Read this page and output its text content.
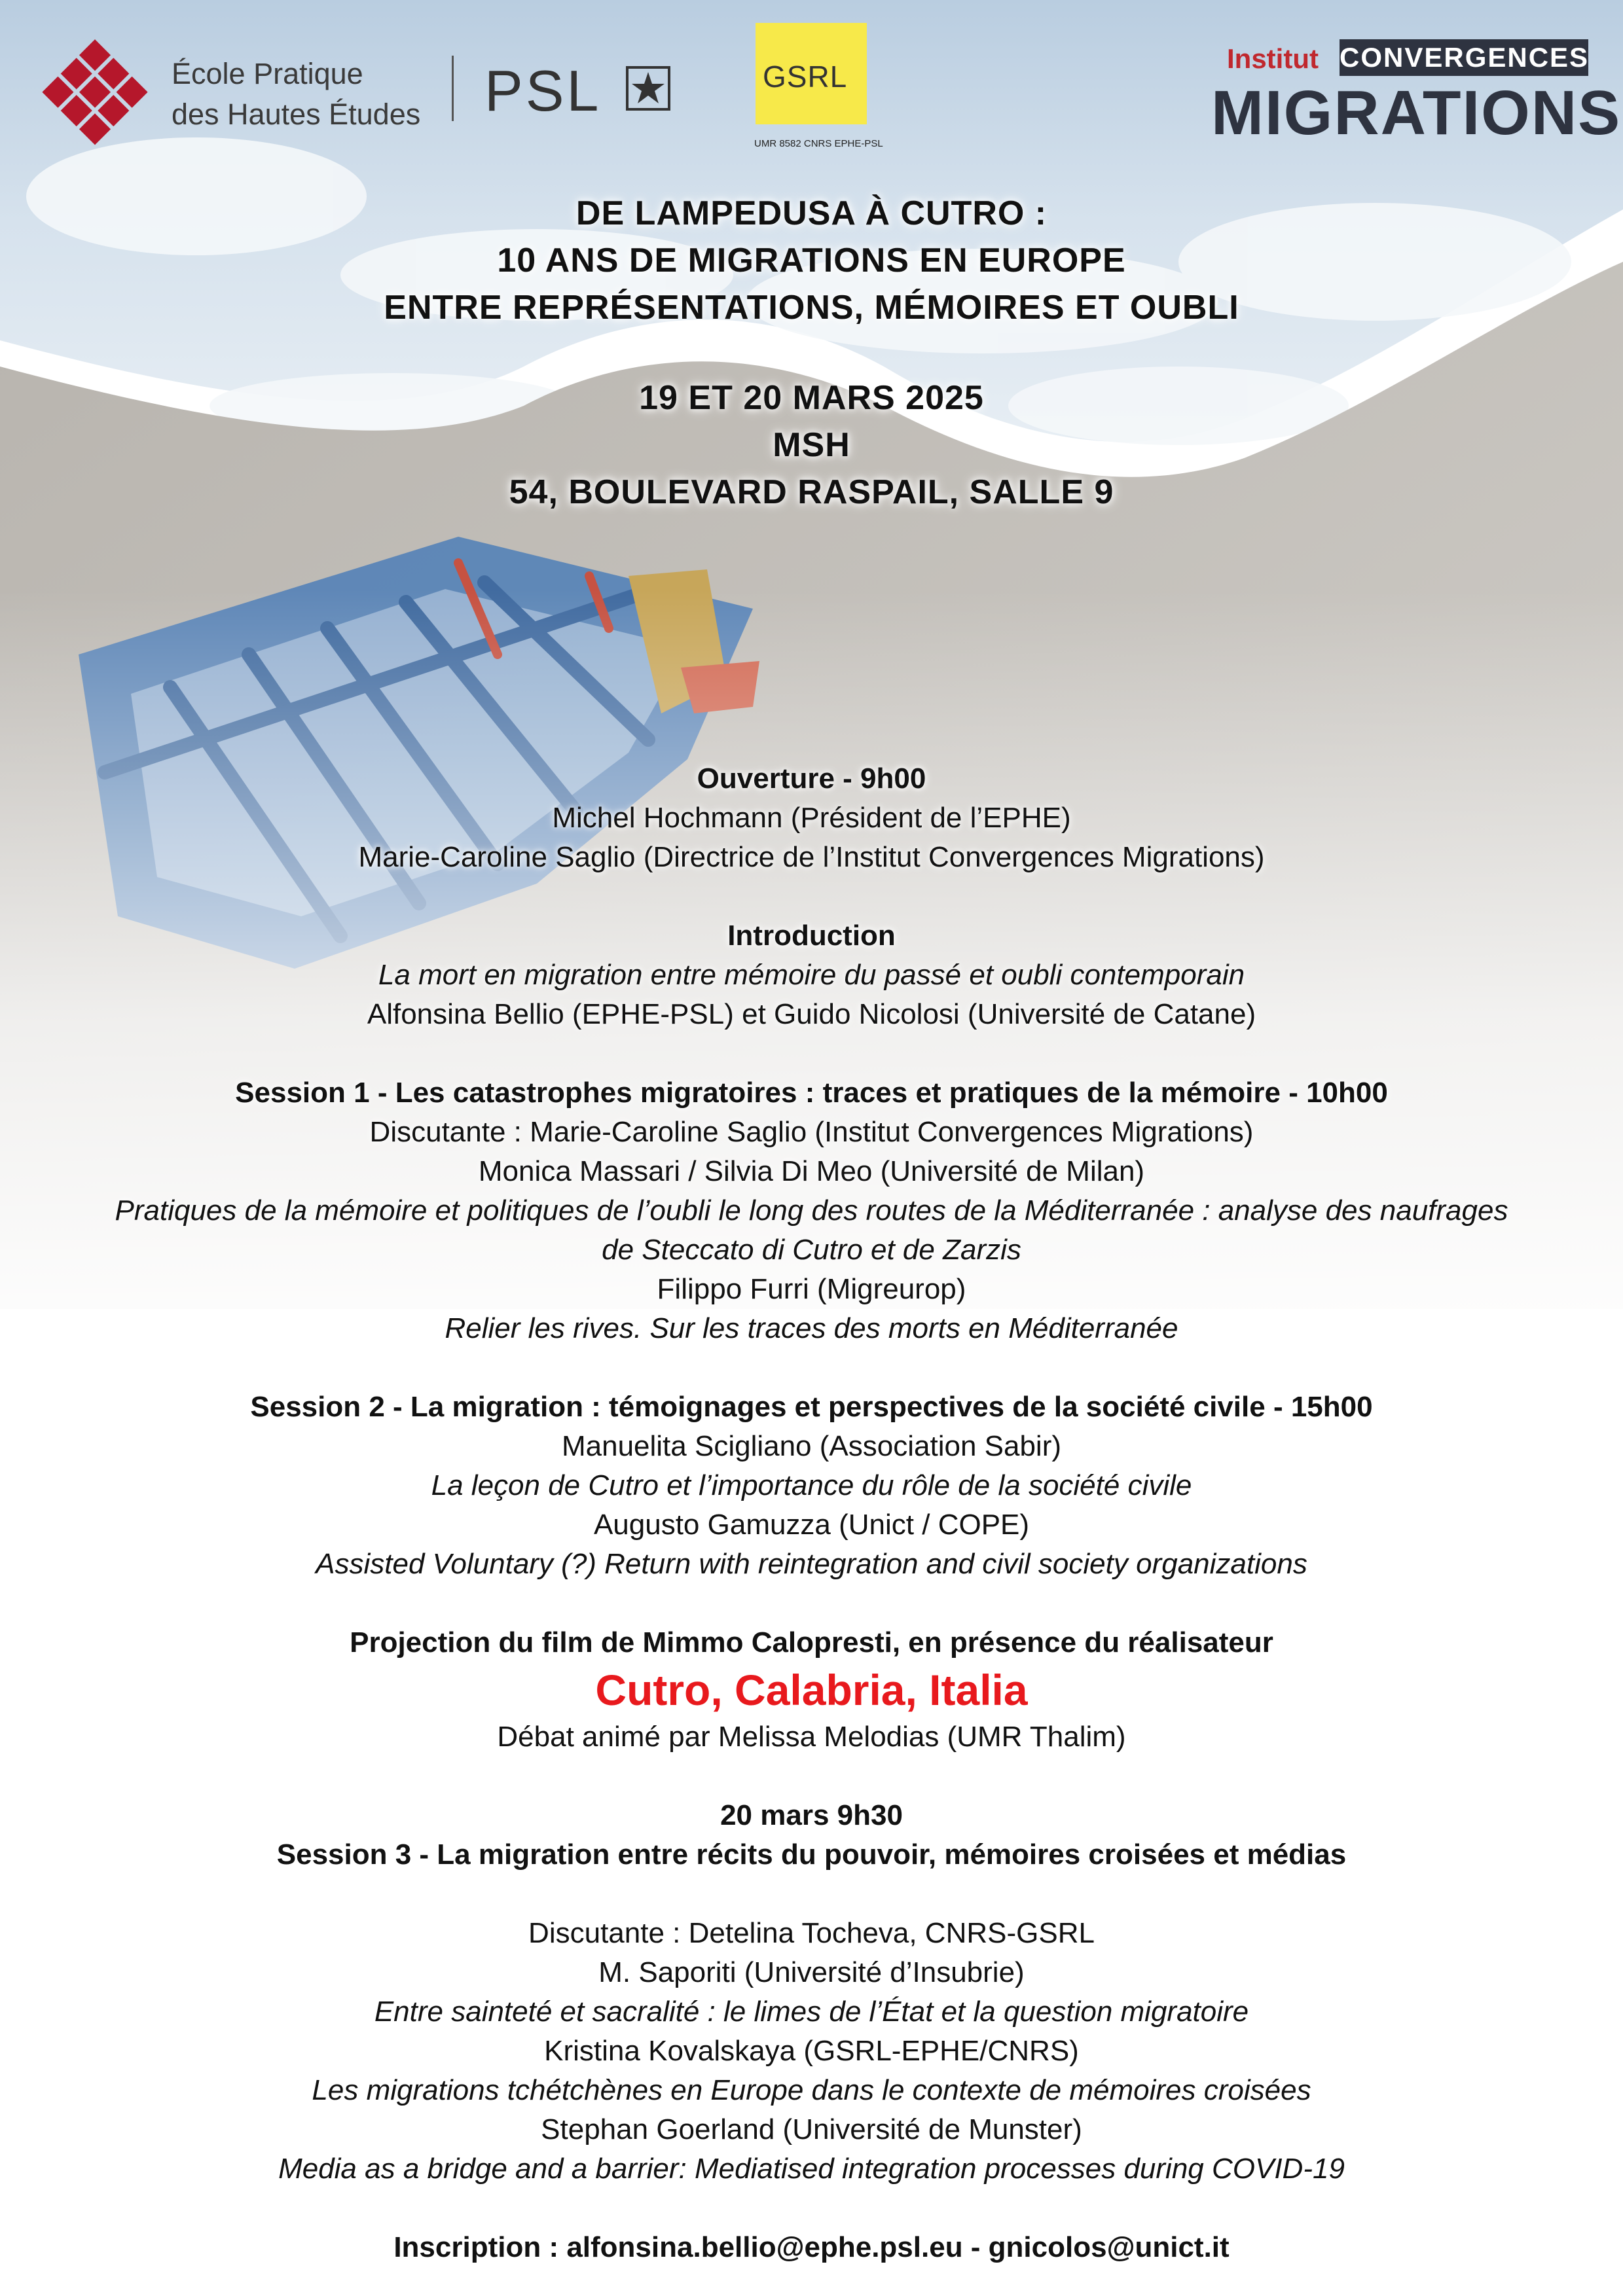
École Pratique
des Hautes Études PSL	GSRL
UMR 8582 CNRS EPHE-PSL
Institut CONVERGENCES
MIGRATIONS
DE LAMPEDUSA À CUTRO :
10 ANS DE MIGRATIONS EN EUROPE
ENTRE REPRÉSENTATIONS, MÉMOIRES ET OUBLI
19 ET 20 MARS 2025
MSH
54, BOULEVARD RASPAIL, SALLE 9
Ouverture - 9h00
Michel Hochmann (Président de l’EPHE)
Marie-Caroline Saglio (Directrice de l’Institut Convergences Migrations)
Introduction
La mort en migration entre mémoire du passé et oubli contemporain
Alfonsina Bellio (EPHE-PSL) et Guido Nicolosi (Université de Catane)
Session 1 - Les catastrophes migratoires : traces et pratiques de la mémoire - 10h00
Discutante : Marie-Caroline Saglio (Institut Convergences Migrations)
Monica Massari / Silvia Di Meo (Université de Milan)
Pratiques de la mémoire et politiques de l’oubli le long des routes de la Méditerranée : analyse des naufrages
de Steccato di Cutro et de Zarzis
Filippo Furri (Migreurop)
Relier les rives. Sur les traces des morts en Méditerranée
Session 2 - La migration : témoignages et perspectives de la société civile - 15h00
Manuelita Scigliano (Association Sabir)
La leçon de Cutro et l’importance du rôle de la société civile
Augusto Gamuzza (Unict / COPE)
Assisted Voluntary (?) Return with reintegration and civil society organizations
Projection du film de Mimmo Calopresti, en présence du réalisateur
Cutro, Calabria, Italia
Débat animé par Melissa Melodias (UMR Thalim)
20 mars 9h30
Session 3 - La migration entre récits du pouvoir, mémoires croisées et médias
Discutante : Detelina Tocheva, CNRS-GSRL
M. Saporiti (Université d’Insubrie)
Entre sainteté et sacralité : le limes de l’État et la question migratoire
Kristina Kovalskaya (GSRL-EPHE/CNRS)
Les migrations tchétchènes en Europe dans le contexte de mémoires croisées
Stephan Goerland (Université de Munster)
Media as a bridge and a barrier: Mediatised integration processes during COVID-19
Inscription : alfonsina.bellio@ephe.psl.eu - gnicolos@unict.it
